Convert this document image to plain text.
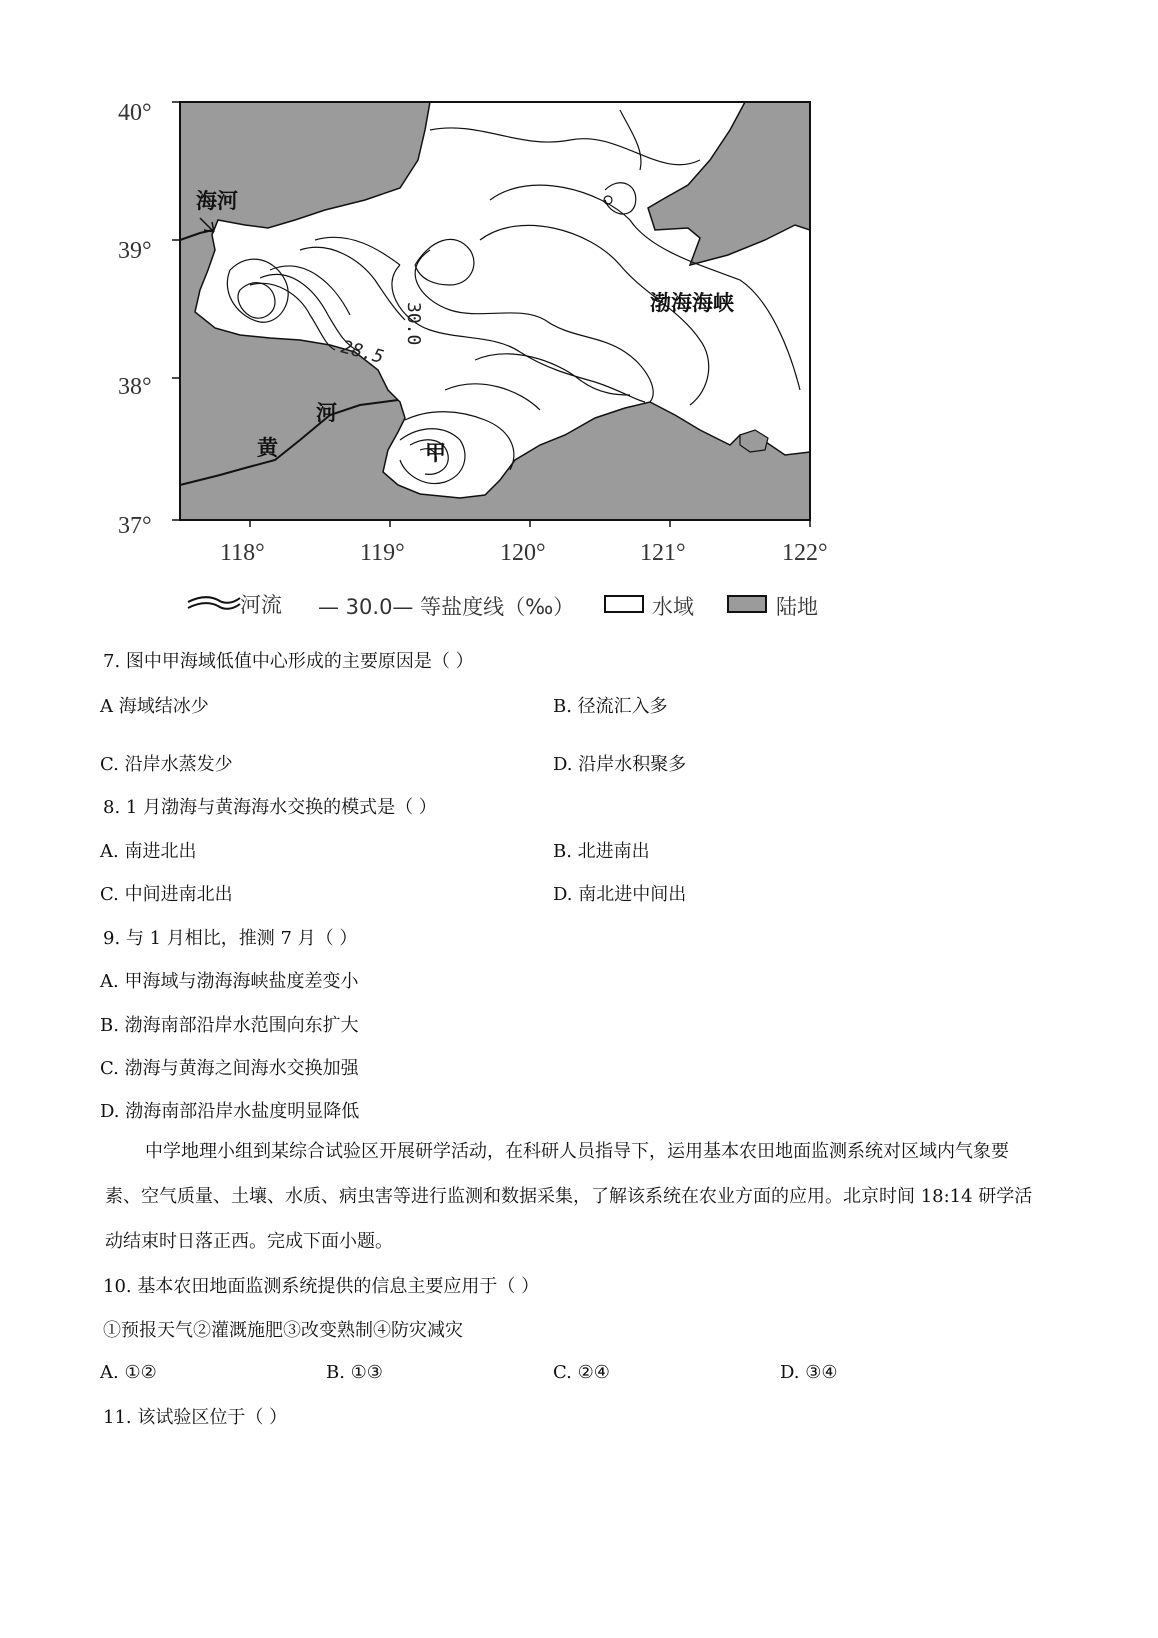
40°
39°
38°
37°
118°	119°	120°	121°	122°
30.0
28.5
海河
渤海海峡
河
黄	甲
河流 — 30.0— 等盐度线（‰）	水域	陆地
7. 图中甲海域低值中心形成的主要原因是（ ）
A 海域结冰少	B. 径流汇入多
C. 沿岸水蒸发少	D. 沿岸水积聚多
8. 1 月渤海与黄海海水交换的模式是（ ）
A. 南进北出	B. 北进南出
C. 中间进南北出	D. 南北进中间出
9. 与 1 月相比，推测 7 月（ ）
A. 甲海域与渤海海峡盐度差变小
B. 渤海南部沿岸水范围向东扩大
C. 渤海与黄海之间海水交换加强
D. 渤海南部沿岸水盐度明显降低
中学地理小组到某综合试验区开展研学活动，在科研人员指导下，运用基本农田地面监测系统对区域内气象要素、空气质量、土壤、水质、病虫害等进行监测和数据采集，了解该系统在农业方面的应用。北京时间 18:14 研学活动结束时日落正西。完成下面小题。
10. 基本农田地面监测系统提供的信息主要应用于（ ）
①预报天气②灌溉施肥③改变熟制④防灾减灾
A. ①②	B. ①③	C. ②④	D. ③④
11. 该试验区位于（ ）
